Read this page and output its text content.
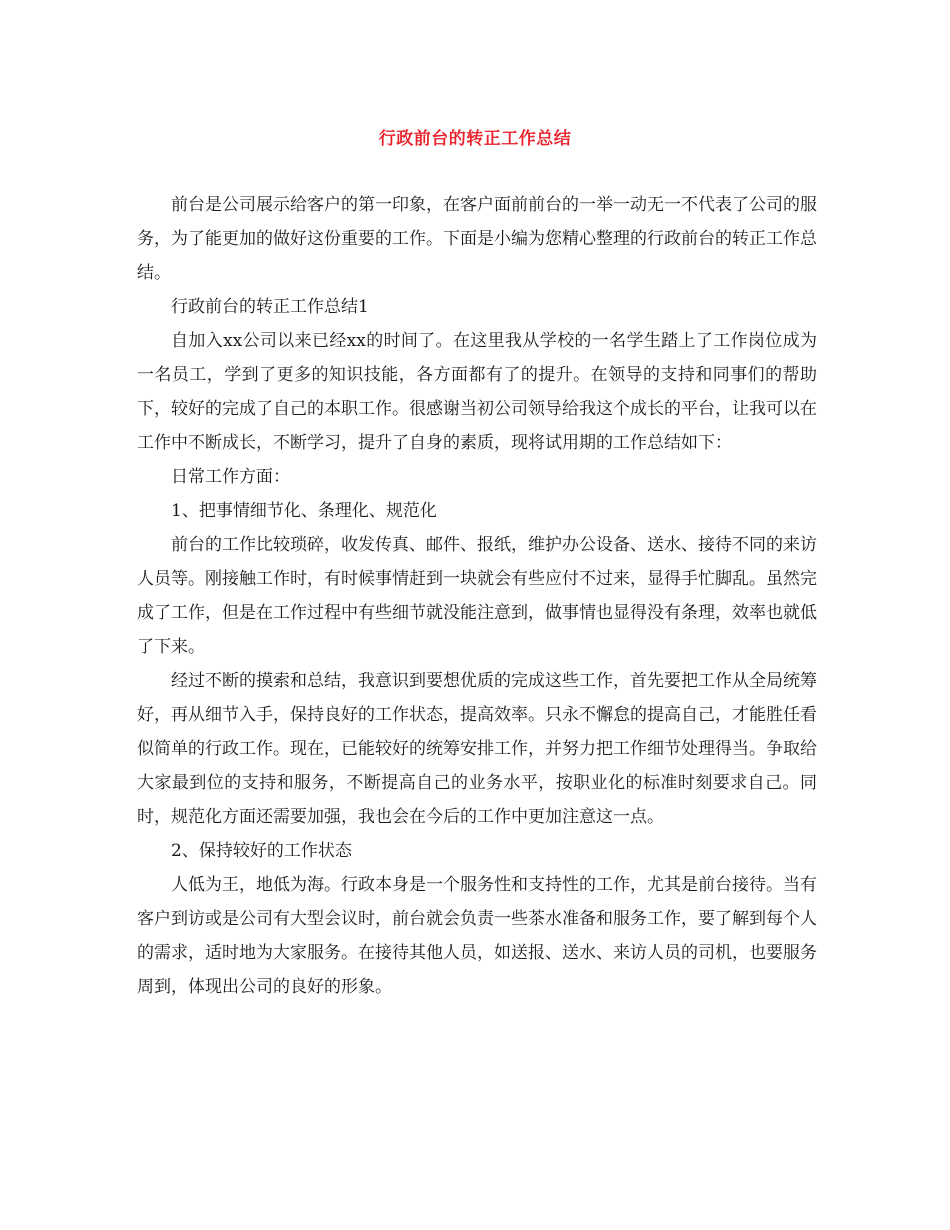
行政前台的转正工作总结

前台是公司展示给客户的第一印象，在客户面前前台的一举一动无一不代表了公司的服务，为了能更加的做好这份重要的工作。下面是小编为您精心整理的行政前台的转正工作总结。

行政前台的转正工作总结1

自加入xx公司以来已经xx的时间了。在这里我从学校的一名学生踏上了工作岗位成为一名员工，学到了更多的知识技能，各方面都有了的提升。在领导的支持和同事们的帮助下，较好的完成了自己的本职工作。很感谢当初公司领导给我这个成长的平台，让我可以在工作中不断成长，不断学习，提升了自身的素质，现将试用期的工作总结如下：

日常工作方面：

1、把事情细节化、条理化、规范化

前台的工作比较琐碎，收发传真、邮件、报纸，维护办公设备、送水、接待不同的来访人员等。刚接触工作时，有时候事情赶到一块就会有些应付不过来，显得手忙脚乱。虽然完成了工作，但是在工作过程中有些细节就没能注意到，做事情也显得没有条理，效率也就低了下来。

经过不断的摸索和总结，我意识到要想优质的完成这些工作，首先要把工作从全局统筹好，再从细节入手，保持良好的工作状态，提高效率。只永不懈怠的提高自己，才能胜任看似简单的行政工作。现在，已能较好的统筹安排工作，并努力把工作细节处理得当。争取给大家最到位的支持和服务，不断提高自己的业务水平，按职业化的标准时刻要求自己。同时，规范化方面还需要加强，我也会在今后的工作中更加注意这一点。

2、保持较好的工作状态

人低为王，地低为海。行政本身是一个服务性和支持性的工作，尤其是前台接待。当有客户到访或是公司有大型会议时，前台就会负责一些茶水准备和服务工作，要了解到每个人的需求，适时地为大家服务。在接待其他人员，如送报、送水、来访人员的司机，也要服务周到，体现出公司的良好的形象。
